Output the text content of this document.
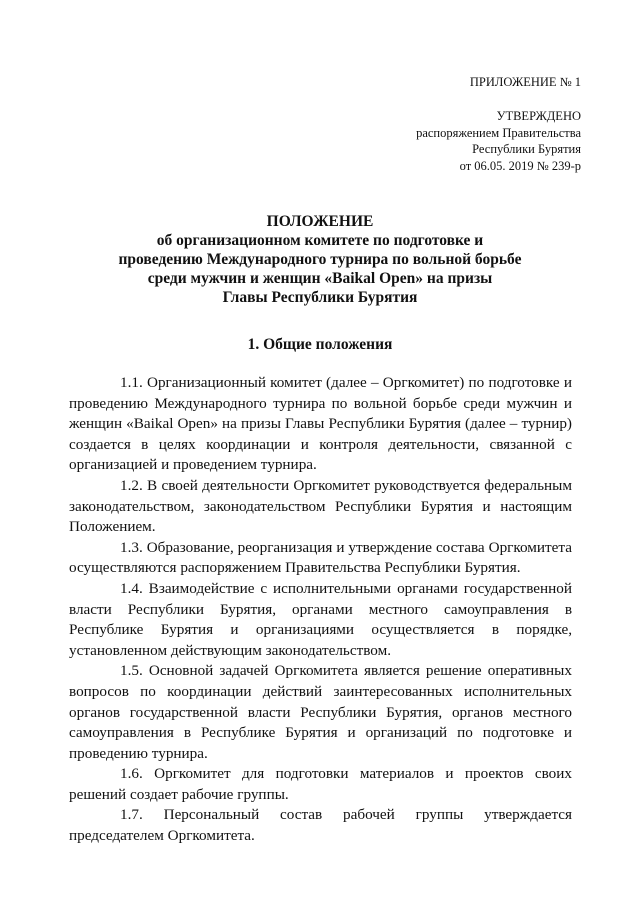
ПРИЛОЖЕНИЕ № 1
УТВЕРЖДЕНО
распоряжением Правительства
Республики Бурятия
от 06.05. 2019 № 239-р
ПОЛОЖЕНИЕ
об организационном комитете по подготовке и
проведению Международного турнира по вольной борьбе
среди мужчин и женщин «Baikal Open» на призы
Главы Республики Бурятия
1. Общие положения

1.1. Организационный комитет (далее – Оргкомитет) по подготовке и проведению Международного турнира по вольной борьбе среди мужчин и женщин «Baikal Open» на призы Главы Республики Бурятия (далее – турнир) создается в целях координации и контроля деятельности, связанной с организацией и проведением турнира.

1.2. В своей деятельности Оргкомитет руководствуется федеральным законодательством, законодательством Республики Бурятия и настоящим Положением.

1.3. Образование, реорганизация и утверждение состава Оргкомитета осуществляются распоряжением Правительства Республики Бурятия.

1.4. Взаимодействие с исполнительными органами государственной власти Республики Бурятия, органами местного самоуправления в Республике Бурятия и организациями осуществляется в порядке, установленном действующим законодательством.

1.5. Основной задачей Оргкомитета является решение оперативных вопросов по координации действий заинтересованных исполнительных органов государственной власти Республики Бурятия, органов местного самоуправления в Республике Бурятия и организаций по подготовке и проведению турнира.

1.6. Оргкомитет для подготовки материалов и проектов своих решений создает рабочие группы.

1.7. Персональный состав рабочей группы утверждается председателем Оргкомитета.
